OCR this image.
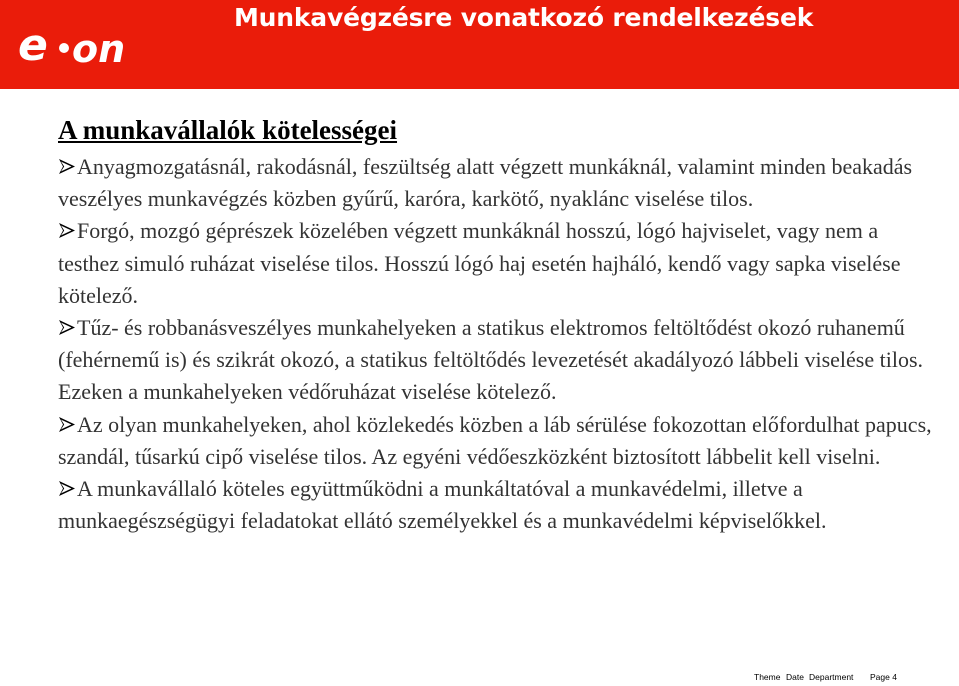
e on
Munkavégzésre vonatkozó rendelkezések

A munkavállalók kötelességei

Anyagmozgatásnál, rakodásnál, feszültség alatt végzett munkáknál, valamint minden beakadás veszélyes munkavégzés közben gyűrű, karóra, karkötő, nyaklánc viselése tilos.

Forgó, mozgó géprészek közelében végzett munkáknál hosszú, lógó hajviselet, vagy nem a testhez simuló ruházat viselése tilos. Hosszú lógó haj esetén hajháló, kendő vagy sapka viselése kötelező.

Tűz- és robbanásveszélyes munkahelyeken a statikus elektromos feltöltődést okozó ruhanemű (fehérnemű is) és szikrát okozó, a statikus feltöltődés levezetését akadályozó lábbeli viselése tilos. Ezeken a munkahelyeken védőruházat viselése kötelező.

Az olyan munkahelyeken, ahol közlekedés közben a láb sérülése fokozottan előfordulhat papucs, szandál, tűsarkú cipő viselése tilos. Az egyéni védőeszközként biztosított lábbelit kell viselni.

A munkavállaló köteles együttműködni a munkáltatóval a munkavédelmi, illetve a munkaegészségügyi feladatokat ellátó személyekkel és a munkavédelmi képviselőkkel.

Theme Date Department Page 4
